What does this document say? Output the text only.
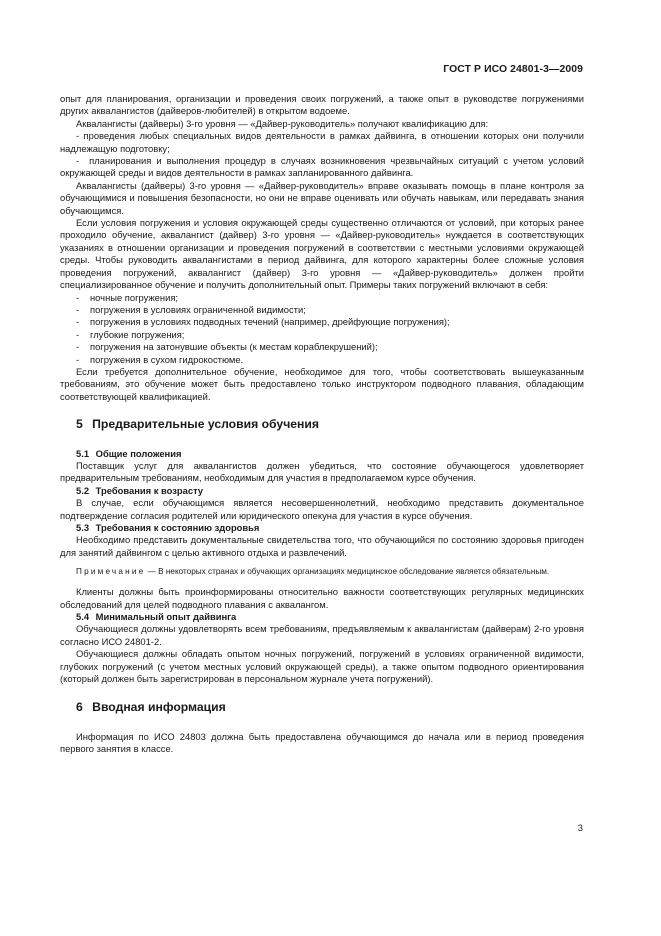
ГОСТ Р ИСО 24801-3—2009

опыт для планирования, организации и проведения своих погружений, а также опыт в руководстве погружениями других аквалангистов (дайверов-любителей) в открытом водоеме.

Аквалангисты (дайверы) 3-го уровня — «Дайвер-руководитель» получают квалификацию для:

- проведения любых специальных видов деятельности в рамках дайвинга, в отношении которых они получили надлежащую подготовку;

- планирования и выполнения процедур в случаях возникновения чрезвычайных ситуаций с учетом условий окружающей среды и видов деятельности в рамках запланированного дайвинга.

Аквалангисты (дайверы) 3-го уровня — «Дайвер-руководитель» вправе оказывать помощь в плане контроля за обучающимися и повышения безопасности, но они не вправе оценивать или обучать навыкам, или передавать знания обучающимся.

Если условия погружения и условия окружающей среды существенно отличаются от условий, при которых ранее проходило обучение, аквалангист (дайвер) 3-го уровня — «Дайвер-руководитель» нуждается в соответствующих указаниях в отношении организации и проведения погружений в соответствии с местными условиями окружающей среды. Чтобы руководить аквалангистами в период дайвинга, для которого характерны более сложные условия проведения погружений, аквалангист (дайвер) 3-го уровня — «Дайвер-руководитель» должен пройти специализированное обучение и получить дополнительный опыт. Примеры таких погружений включают в себя:

- ночные погружения;

- погружения в условиях ограниченной видимости;

- погружения в условиях подводных течений (например, дрейфующие погружения);

- глубокие погружения;

- погружения на затонувшие объекты (к местам кораблекрушений);

- погружения в сухом гидрокостюме.

Если требуется дополнительное обучение, необходимое для того, чтобы соответствовать вышеуказанным требованиям, это обучение может быть предоставлено только инструктором подводного плавания, обладающим соответствующей квалификацией.

5 Предварительные условия обучения

5.1 Общие положения

Поставщик услуг для аквалангистов должен убедиться, что состояние обучающегося удовлетворяет предварительным требованиям, необходимым для участия в предполагаемом курсе обучения.

5.2 Требования к возрасту

В случае, если обучающимся является несовершеннолетний, необходимо представить документальное подтверждение согласия родителей или юридического опекуна для участия в курсе обучения.

5.3 Требования к состоянию здоровья

Необходимо представить документальные свидетельства того, что обучающийся по состоянию здоровья пригоден для занятий дайвингом с целью активного отдыха и развлечений.

Примечание — В некоторых странах и обучающих организациях медицинское обследование является обязательным.

Клиенты должны быть проинформированы относительно важности соответствующих регулярных медицинских обследований для целей подводного плавания с аквалангом.

5.4 Минимальный опыт дайвинга

Обучающиеся должны удовлетворять всем требованиям, предъявляемым к аквалангистам (дайверам) 2-го уровня согласно ИСО 24801-2.

Обучающиеся должны обладать опытом ночных погружений, погружений в условиях ограниченной видимости, глубоких погружений (с учетом местных условий окружающей среды), а также опытом подводного ориентирования (который должен быть зарегистрирован в персональном журнале учета погружений).

6 Вводная информация

Информация по ИСО 24803 должна быть предоставлена обучающимся до начала или в период проведения первого занятия в классе.

3
